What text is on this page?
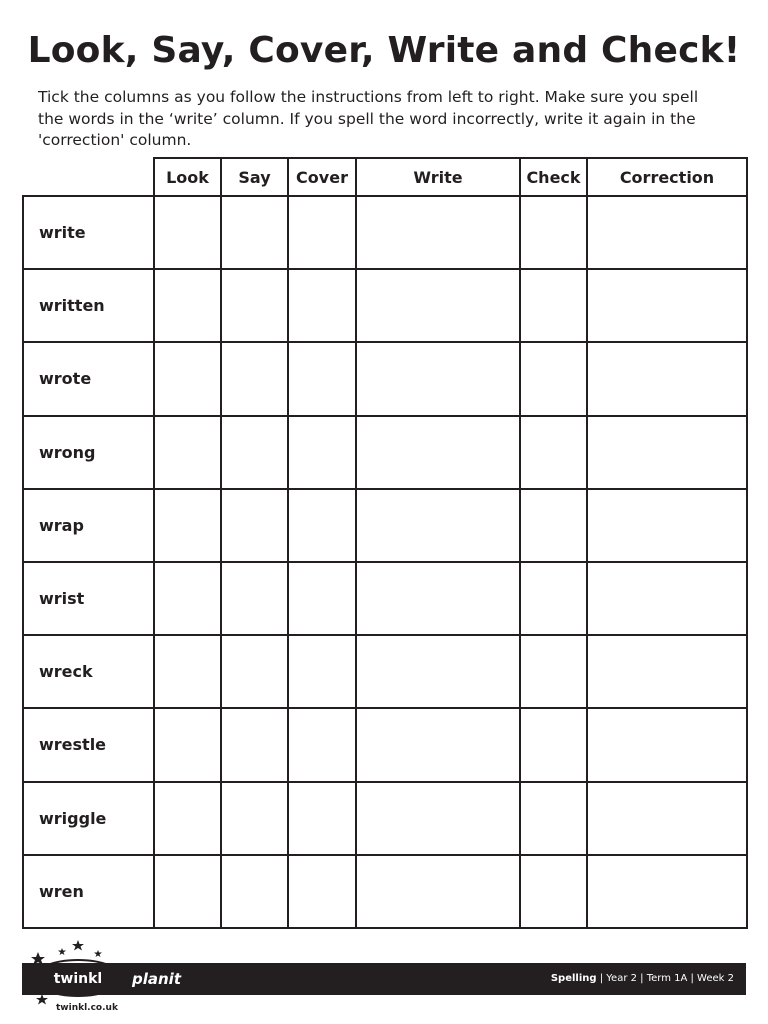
Look, Say, Cover, Write and Check!

Tick the columns as you follow the instructions from left to right. Make sure you spell
the words in the ‘write’ column. If you spell the word incorrectly, write it again in the
'correction' column.

	Look	Say	Cover	Write	Check	Correction
write						
written						
wrote						
wrong						
wrap						
wrist						
wreck						
wrestle						
wriggle						
wren						
planit	Spelling | Year 2 | Term 1A | Week 2
twinkl
twinkl.co.uk
